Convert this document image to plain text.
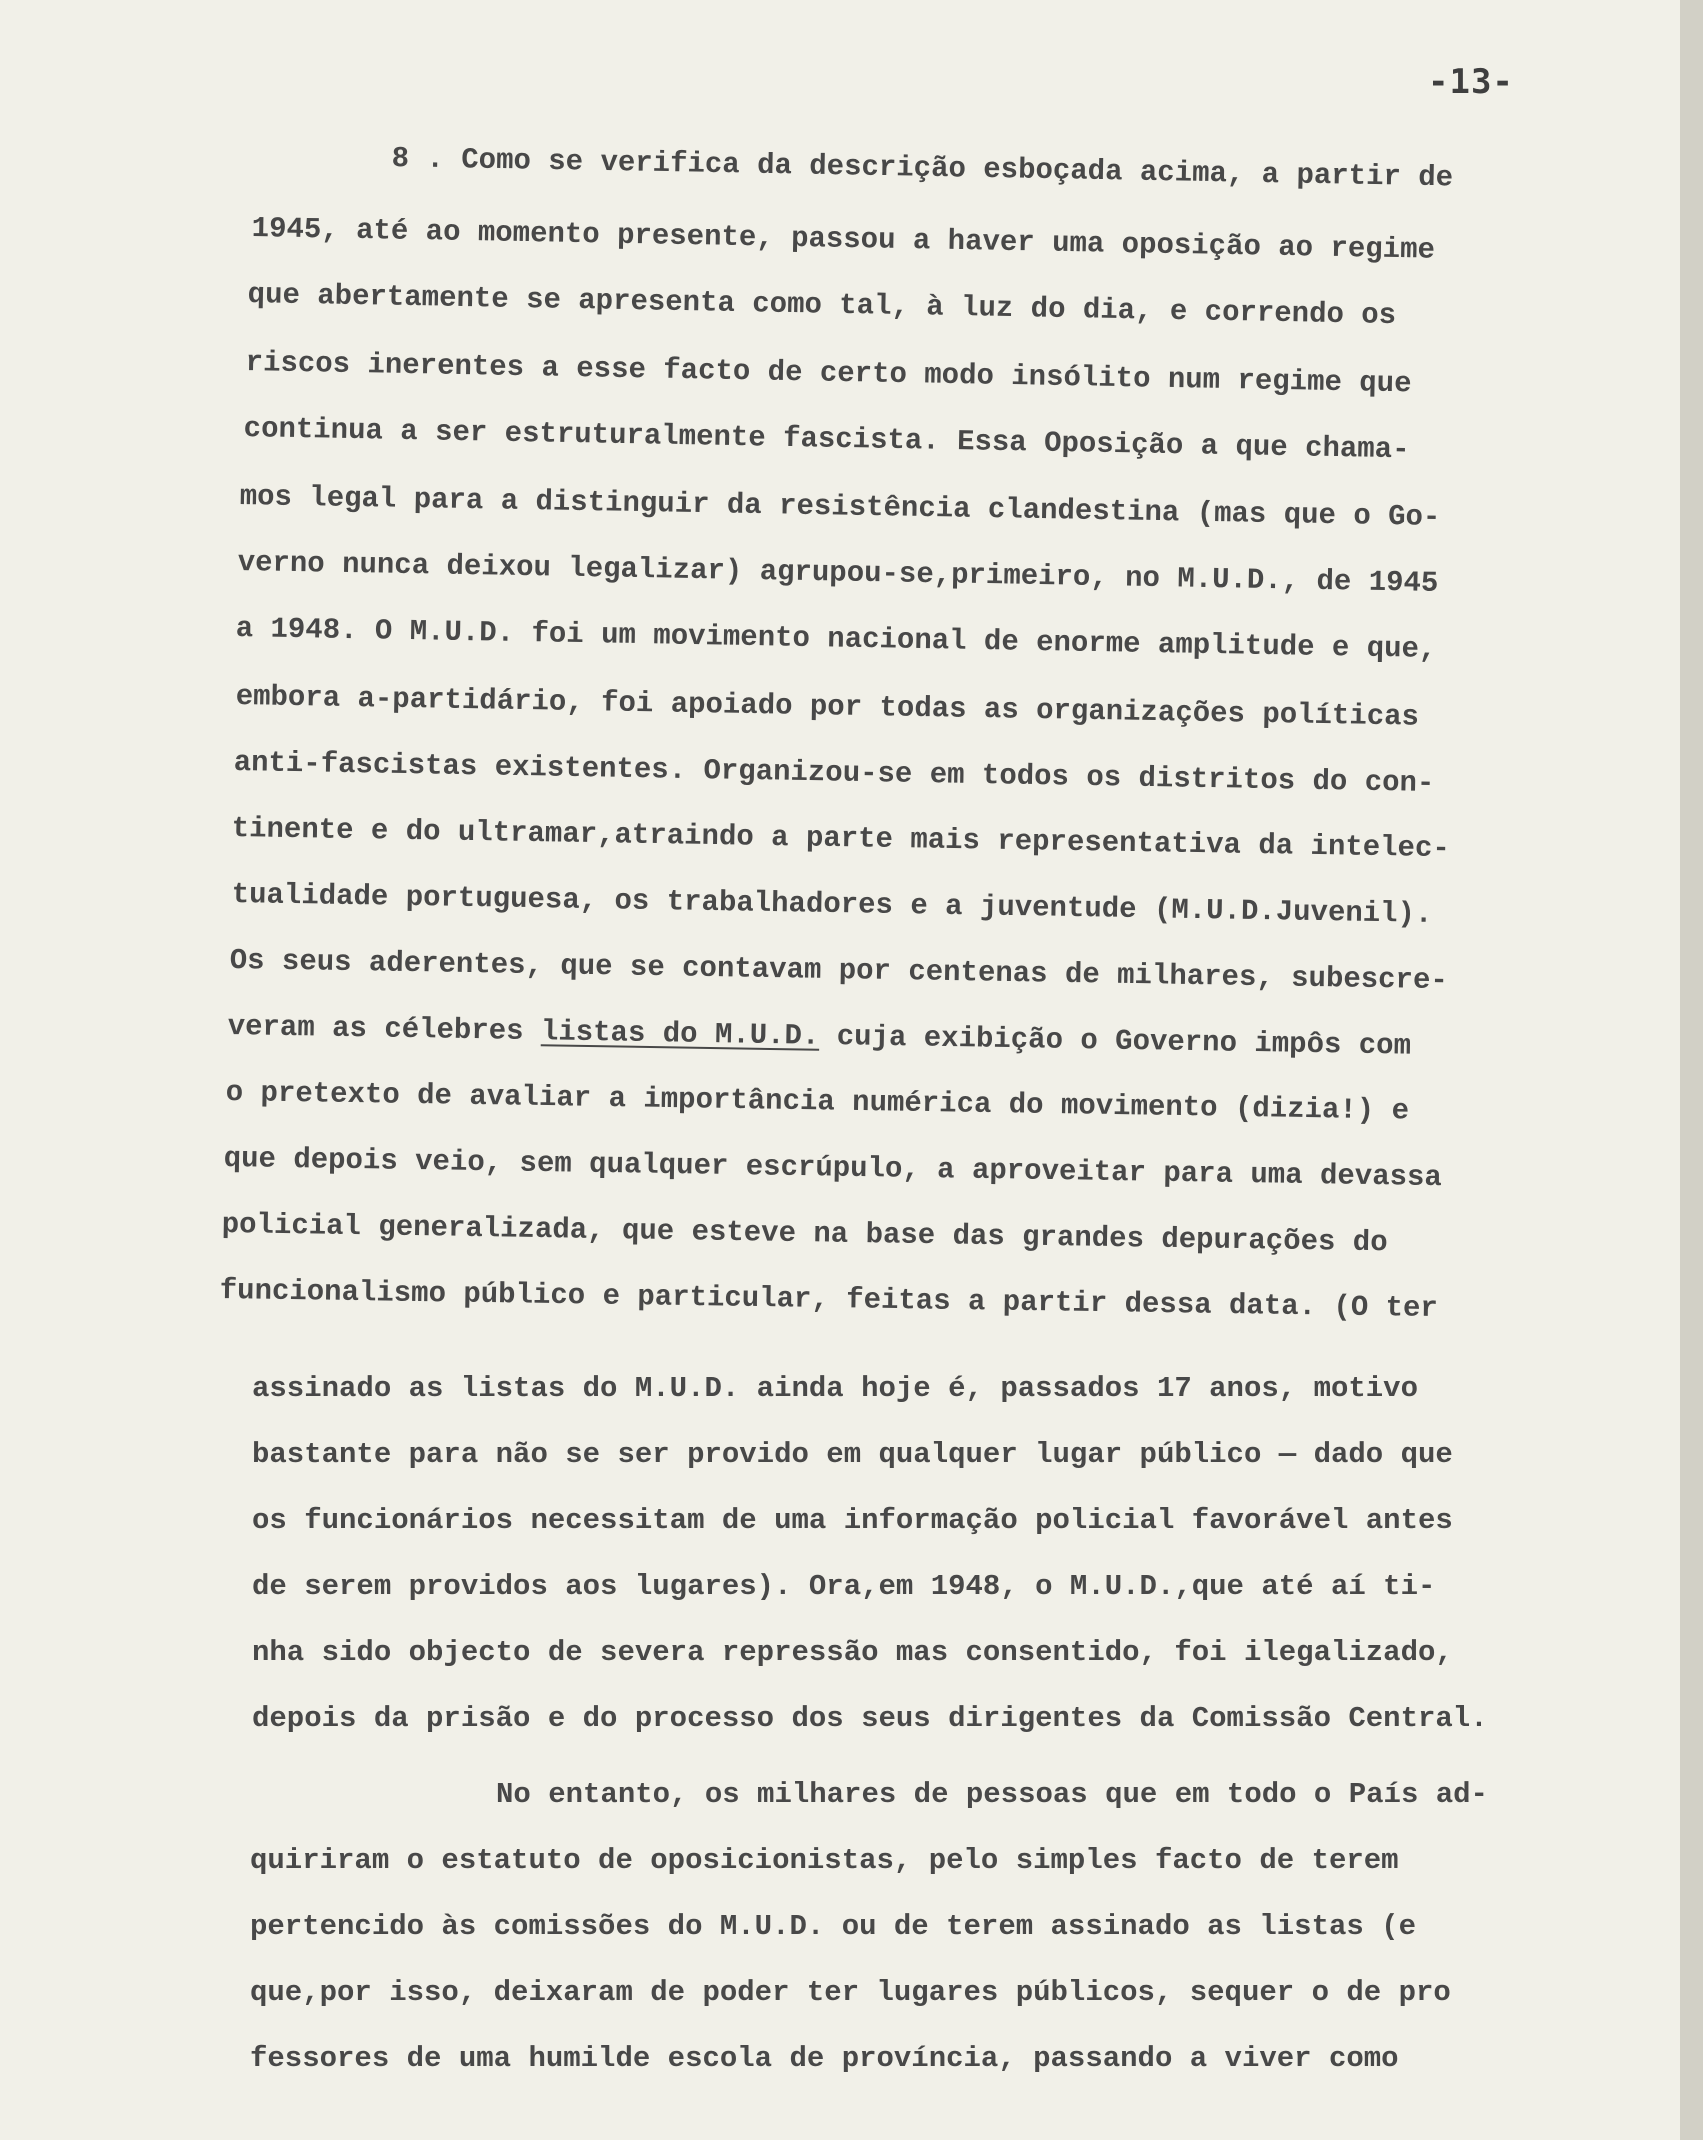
-13-
8 . Como se verifica da descrição esboçada acima, a partir de
1945, até ao momento presente, passou a haver uma oposição ao regime
que abertamente se apresenta como tal, à luz do dia, e correndo os
riscos inerentes a esse facto de certo modo insólito num regime que
continua a ser estruturalmente fascista. Essa Oposição a que chama-
mos legal para a distinguir da resistência clandestina (mas que o Go-
verno nunca deixou legalizar) agrupou-se,primeiro, no M.U.D., de 1945
a 1948. O M.U.D. foi um movimento nacional de enorme amplitude e que,
embora a-partidário, foi apoiado por todas as organizações políticas
anti-fascistas existentes. Organizou-se em todos os distritos do con-
tinente e do ultramar,atraindo a parte mais representativa da intelec-
tualidade portuguesa, os trabalhadores e a juventude (M.U.D.Juvenil).
Os seus aderentes, que se contavam por centenas de milhares, subescre-
veram as célebres listas do M.U.D. cuja exibição o Governo impôs com
o pretexto de avaliar a importância numérica do movimento (dizia!) e
que depois veio, sem qualquer escrúpulo, a aproveitar para uma devassa
policial generalizada, que esteve na base das grandes depurações do
funcionalismo público e particular, feitas a partir dessa data. (O ter
assinado as listas do M.U.D. ainda hoje é, passados 17 anos, motivo
bastante para não se ser provido em qualquer lugar público — dado que
os funcionários necessitam de uma informação policial favorável antes
de serem providos aos lugares). Ora,em 1948, o M.U.D.,que até aí ti-
nha sido objecto de severa repressão mas consentido, foi ilegalizado,
depois da prisão e do processo dos seus dirigentes da Comissão Central.
No entanto, os milhares de pessoas que em todo o País ad-
quiriram o estatuto de oposicionistas, pelo simples facto de terem
pertencido às comissões do M.U.D. ou de terem assinado as listas (e
que,por isso, deixaram de poder ter lugares públicos, sequer o de pro
fessores de uma humilde escola de província, passando a viver como
